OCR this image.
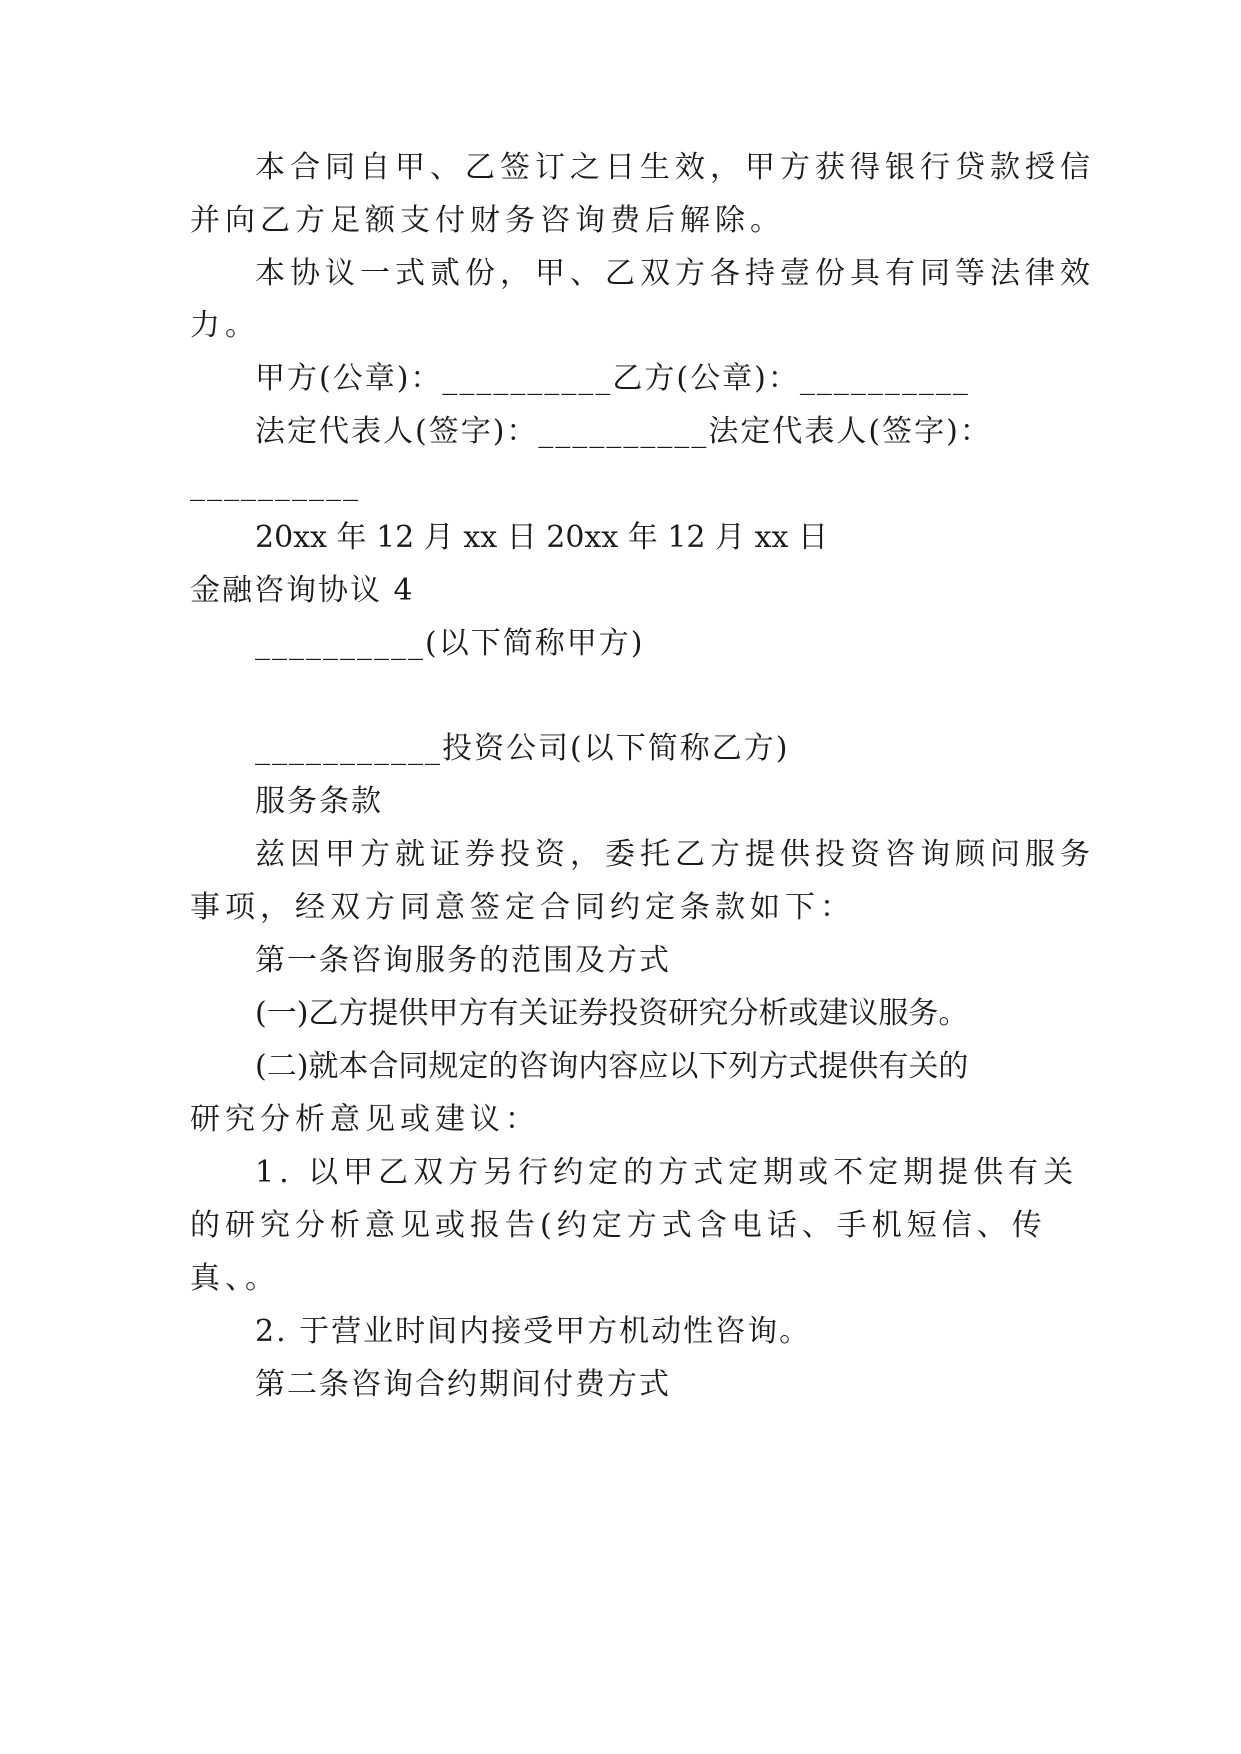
本合同自甲、乙签订之日生效，甲方获得银行贷款授信
并向乙方足额支付财务咨询费后解除。
本协议一式贰份，甲、乙双方各持壹份具有同等法律效
力。
甲方(公章)：__________乙方(公章)：__________
法定代表人(签字)：__________法定代表人(签字)：
__________
20xx 年 12 月 xx 日 20xx 年 12 月 xx 日
金融咨询协议 4
__________(以下简称甲方)
___________投资公司(以下简称乙方)
服务条款
兹因甲方就证券投资，委托乙方提供投资咨询顾问服务
事项，经双方同意签定合同约定条款如下：
第一条咨询服务的范围及方式
(一)乙方提供甲方有关证券投资研究分析或建议服务。
(二)就本合同规定的咨询内容应以下列方式提供有关的
研究分析意见或建议：
1. 以甲乙双方另行约定的方式定期或不定期提供有关
的研究分析意见或报告(约定方式含电话、手机短信、传
真、。
2. 于营业时间内接受甲方机动性咨询。
第二条咨询合约期间付费方式
